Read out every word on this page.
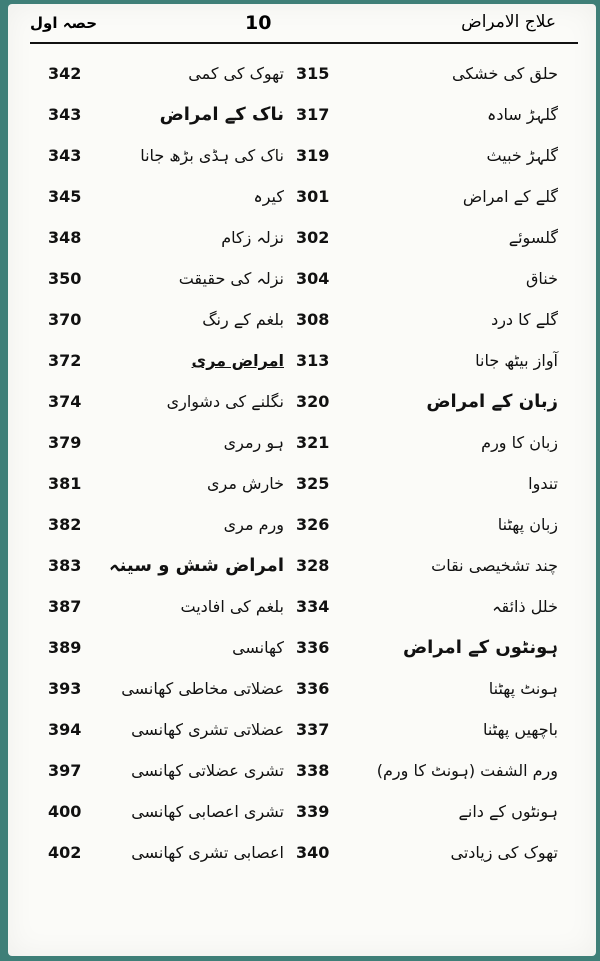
حصہ اول	10	علاج الامراض
342	تھوک کی کمی 315	حلق کی خشکی
343	ناک کے امراض 317	گلہڑ سادہ
343	ناک کی ہڈی بڑھ جانا 319	گلہڑ خبیث
345	کیرہ 301	گلے کے امراض
348	نزلہ زکام 302	گلسوئے
350	نزلہ کی حقیقت 304	خناق
370	بلغم کے رنگ 308	گلے کا درد
372	امراض مری 313	آواز بیٹھ جانا
374	نگلنے کی دشواری 320	زبان کے امراض
379	ہو رمری 321	زبان کا ورم
381	خارش مری 325	تندوا
382	ورم مری 326	زبان پھٹنا
383	امراض شش و سینہ 328	چند تشخیصی نقات
387	بلغم کی افادیت 334	خلل ذائقہ
389	کھانسی 336	ہونٹوں کے امراض
393	عضلاتی مخاطی کھانسی 336	ہونٹ پھٹنا
394	عضلاتی تشری کھانسی 337	باچھیں پھٹنا
397	تشری عضلاتی کھانسی 338	ورم الشفت (ہونٹ کا ورم)
400	تشری اعصابی کھانسی 339	ہونٹوں کے دانے
402	اعصابی تشری کھانسی 340	تھوک کی زیادتی
